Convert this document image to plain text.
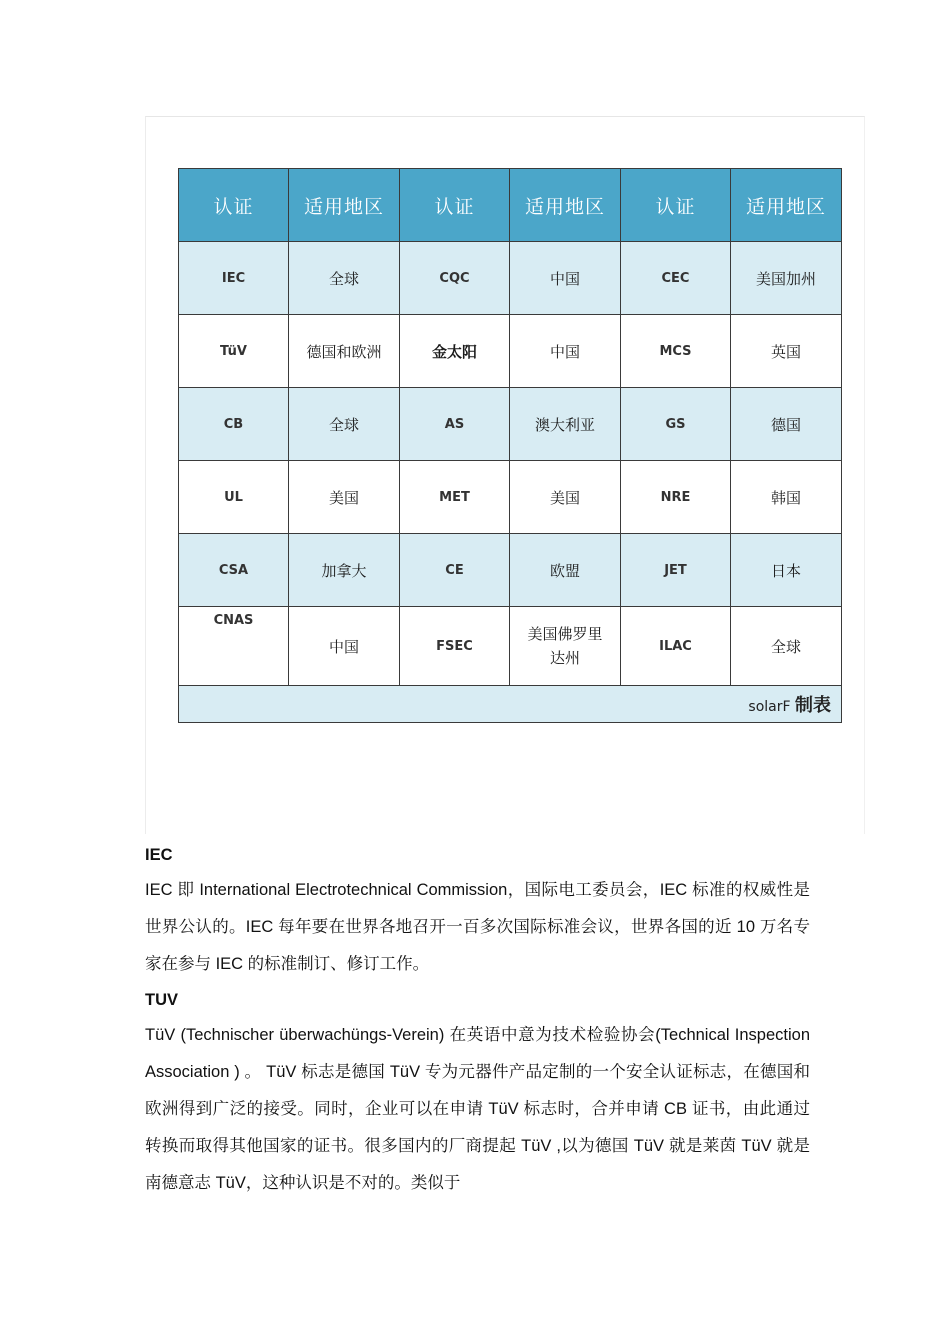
认证	适用地区	认证	适用地区	认证	适用地区
IEC	全球	CQC	中国	CEC	美国加州
TüV	德国和欧洲	金太阳	中国	MCS	英国
CB	全球	AS	澳大利亚	GS	德国
UL	美国	MET	美国	NRE	韩国
CSA	加拿大	CE	欧盟	JET	日本
CNAS	中国	FSEC	美国佛罗里达州	ILAC	全球
solarF 制表					
IEC

IEC 即 International Electrotechnical Commission，国际电工委员会，IEC 标准的权威性是世界公认的。IEC 每年要在世界各地召开一百多次国际标准会议，世界各国的近 10 万名专家在参与 IEC 的标准制订、修订工作。

TUV

TüV (Technischer überwachüngs-Verein) 在英语中意为技术检验协会(Technical Inspection Association ) 。 TüV 标志是德国 TüV 专为元器件产品定制的一个安全认证标志，在德国和欧洲得到广泛的接受。同时，企业可以在申请 TüV 标志时，合并申请 CB 证书，由此通过转换而取得其他国家的证书。很多国内的厂商提起 TüV ,以为德国 TüV 就是莱茵 TüV 就是南德意志 TüV，这种认识是不对的。类似于
